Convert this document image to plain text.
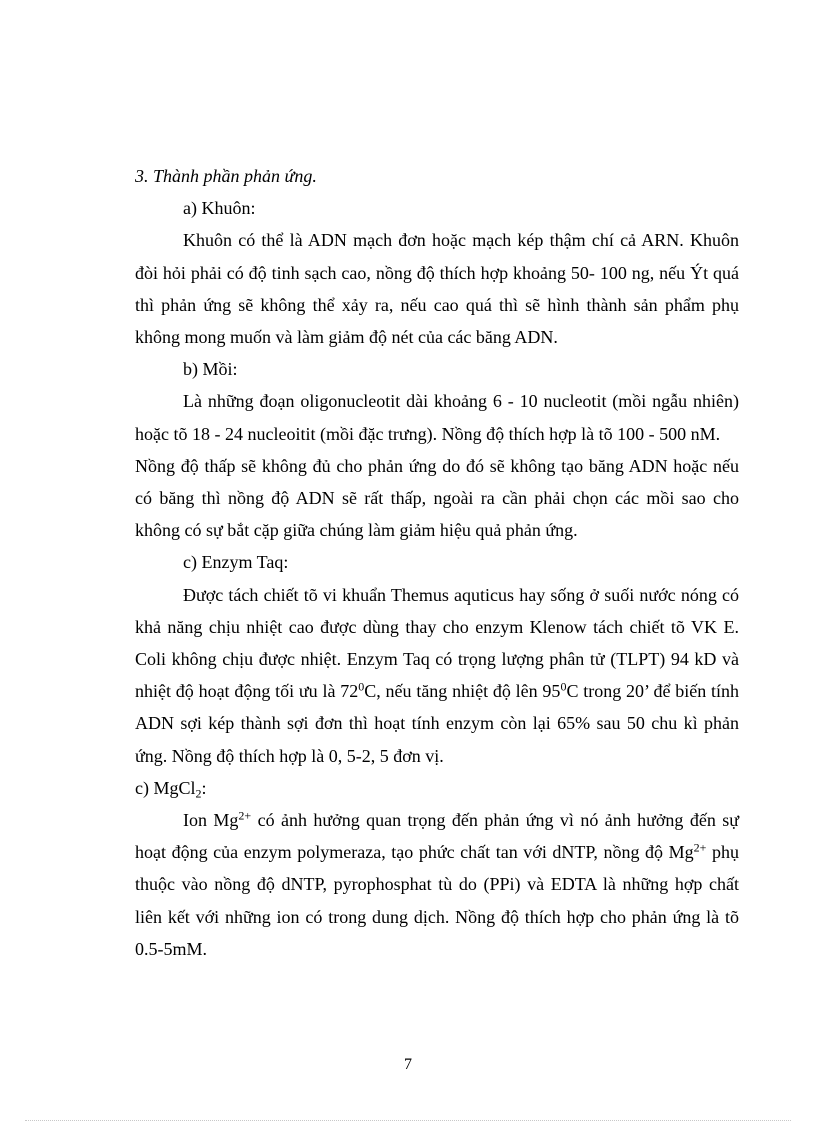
3. Thành phần phản ứng.

a) Khuôn:

Khuôn có thể là ADN mạch đơn hoặc mạch kép thậm chí cả ARN. Khuôn đòi hỏi phải có độ tinh sạch cao, nồng độ thích hợp khoảng 50- 100 ng, nếu Ýt quá thì phản ứng sẽ không thể xảy ra, nếu cao quá thì sẽ hình thành sản phẩm phụ không mong muốn và làm giảm độ nét của các băng ADN.

b) Mồi:

Là những đoạn oligonucleotit dài khoảng 6 - 10 nucleotit (mồi ngẫu nhiên) hoặc tõ 18 - 24 nucleoitit (mồi đặc trưng). Nồng độ thích hợp là tõ 100 - 500 nM.

Nồng độ thấp sẽ không đủ cho phản ứng do đó sẽ không tạo băng ADN hoặc nếu có băng thì nồng độ ADN sẽ rất thấp, ngoài ra cần phải chọn các mồi sao cho không có sự bắt cặp giữa chúng làm giảm hiệu quả phản ứng.

c) Enzym Taq:

Được tách chiết tõ vi khuẩn Themus aquticus hay sống ở suối nước nóng có khả năng chịu nhiệt cao được dùng thay cho enzym Klenow tách chiết tõ VK E. Coli không chịu được nhiệt. Enzym Taq có trọng lượng phân tử (TLPT) 94 kD và nhiệt độ hoạt động tối ưu là $72^0C$, nếu tăng nhiệt độ lên $95^0C$ trong 20’ để biến tính ADN sợi kép thành sợi đơn thì hoạt tính enzym còn lại 65% sau 50 chu kì phản ứng. Nồng độ thích hợp là 0, 5-2, 5 đơn vị.

c) MgCl$_2$:

Ion $Mg^{2+}$ có ảnh hưởng quan trọng đến phản ứng vì nó ảnh hưởng đến sự hoạt động của enzym polymeraza, tạo phức chất tan với dNTP, nồng độ $Mg^{2+}$ phụ thuộc vào nồng độ dNTP, pyrophosphat tù do (PPi) và EDTA là những hợp chất liên kết với những ion có trong dung dịch. Nồng độ thích hợp cho phản ứng là tõ 0.5-5mM.

7
